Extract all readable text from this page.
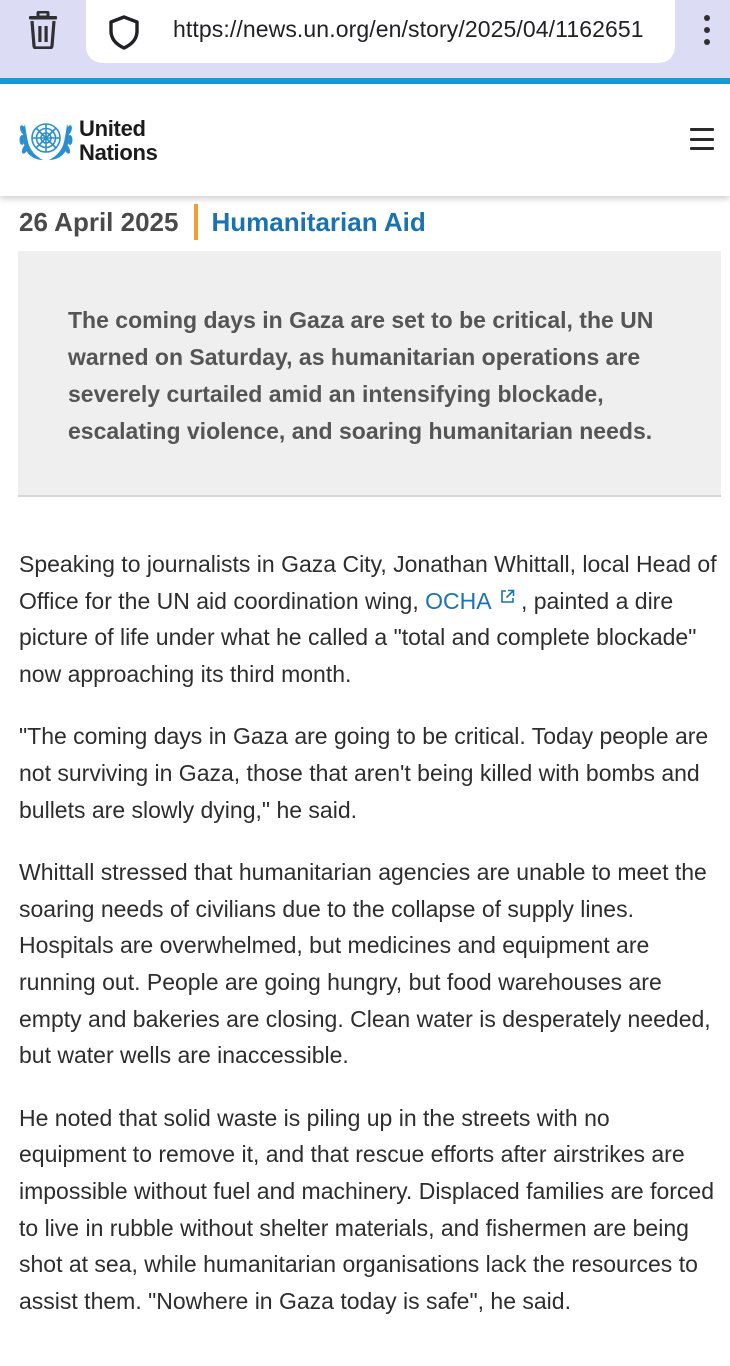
https://news.un.org/en/story/2025/04/1162651
United
Nations
26 April 2025 Humanitarian Aid
The coming days in Gaza are set to be critical, the UN warned on Saturday, as humanitarian operations are severely curtailed amid an intensifying blockade, escalating violence, and soaring humanitarian needs.

Speaking to journalists in Gaza City, Jonathan Whittall, local Head of Office for the UN aid coordination wing, OCHA , painted a dire picture of life under what he called a "total and complete blockade" now approaching its third month.

"The coming days in Gaza are going to be critical. Today people are not surviving in Gaza, those that aren't being killed with bombs and bullets are slowly dying," he said.

Whittall stressed that humanitarian agencies are unable to meet the soaring needs of civilians due to the collapse of supply lines. Hospitals are overwhelmed, but medicines and equipment are running out. People are going hungry, but food warehouses are empty and bakeries are closing. Clean water is desperately needed, but water wells are inaccessible.

He noted that solid waste is piling up in the streets with no equipment to remove it, and that rescue efforts after airstrikes are impossible without fuel and machinery. Displaced families are forced to live in rubble without shelter materials, and fishermen are being shot at sea, while humanitarian organisations lack the resources to assist them. "Nowhere in Gaza today is safe", he said.
